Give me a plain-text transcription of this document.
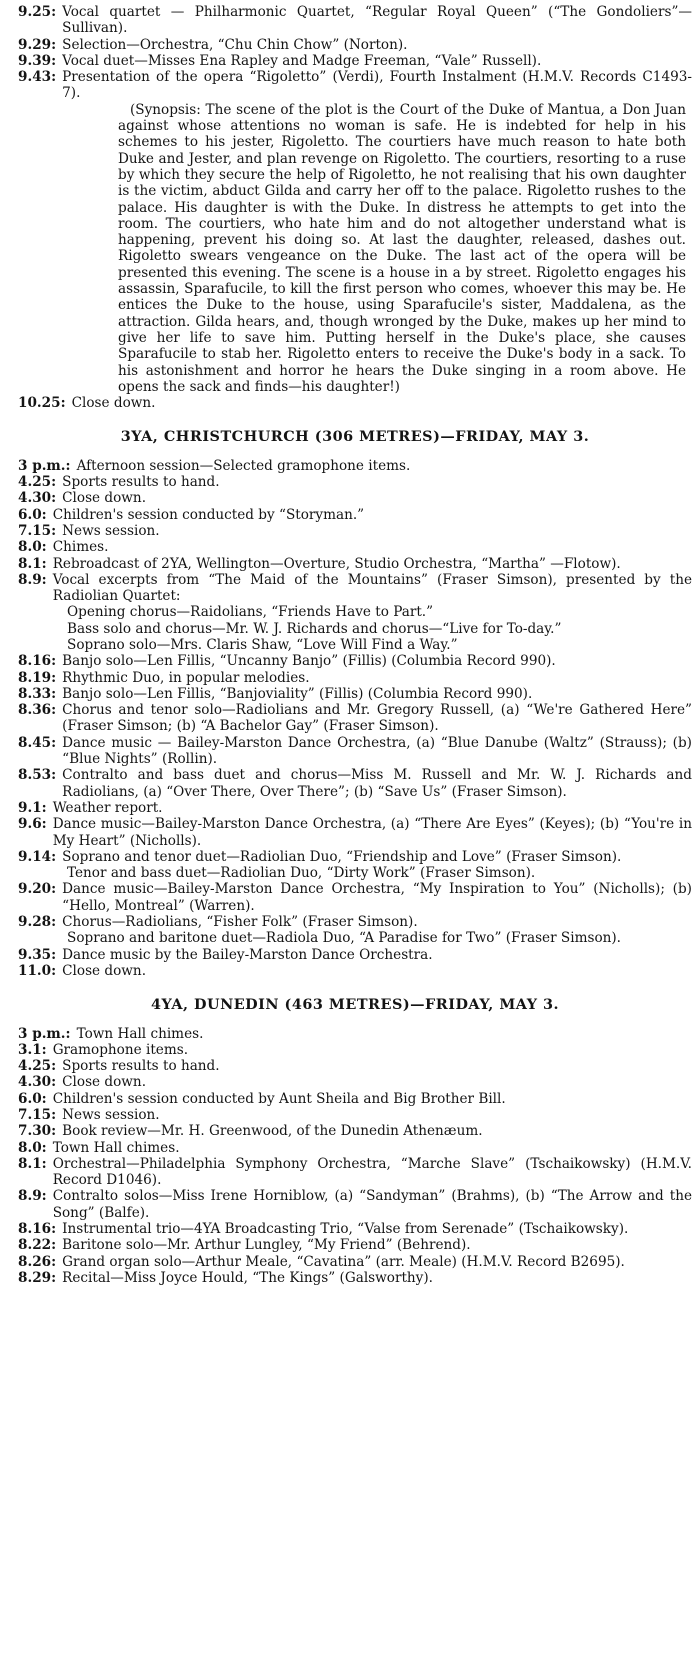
9.25 : Vocal quartet — Philharmonic Quartet, “Regular Royal Queen” (“The Gondoliers”—Sullivan).
9.29 : Selection—Orchestra, “Chu Chin Chow” (Norton).
9.39 : Vocal duet—Misses Ena Rapley and Madge Freeman, “Vale” Russell).
9.43 : Presentation of the opera “Rigoletto” (Verdi), Fourth Instalment (H.M.V. Records C1493-7).
(Synopsis: The scene of the plot is the Court of the Duke of Mantua, a Don Juan against whose attentions no woman is safe. He is indebted for help in his schemes to his jester, Rigoletto. The courtiers have much reason to hate both Duke and Jester, and plan revenge on Rigoletto. The courtiers, resorting to a ruse by which they secure the help of Rigoletto, he not realising that his own daughter is the victim, abduct Gilda and carry her off to the palace. Rigoletto rushes to the palace. His daughter is with the Duke. In distress he attempts to get into the room. The courtiers, who hate him and do not altogether understand what is happening, prevent his doing so. At last the daughter, released, dashes out. Rigoletto swears vengeance on the Duke. The last act of the opera will be presented this evening. The scene is a house in a by street. Rigoletto engages his assassin, Sparafucile, to kill the first person who comes, whoever this may be. He entices the Duke to the house, using Sparafucile's sister, Maddalena, as the attraction. Gilda hears, and, though wronged by the Duke, makes up her mind to give her life to save him. Putting herself in the Duke's place, she causes Sparafucile to stab her. Rigoletto enters to receive the Duke's body in a sack. To his astonishment and horror he hears the Duke singing in a room above. He opens the sack and finds—his daughter!)
10.25 : Close down.
3YA, CHRISTCHURCH (306 METRES)—FRIDAY, MAY 3.
3 p.m. : Afternoon session—Selected gramophone items.
4.25 : Sports results to hand.
4.30 : Close down.
6.0 : Children's session conducted by “Storyman.”
7.15 : News session.
8.0 : Chimes.
8.1 : Rebroadcast of 2YA, Wellington—Overture, Studio Orchestra, “Martha” —Flotow).
8.9 : Vocal excerpts from “The Maid of the Mountains” (Fraser Simson), presented by the Radiolian Quartet:
Opening chorus—Raidolians, “Friends Have to Part.”
Bass solo and chorus—Mr. W. J. Richards and chorus—“Live for To-day.”
Soprano solo—Mrs. Claris Shaw, “Love Will Find a Way.”
8.16 : Banjo solo—Len Fillis, “Uncanny Banjo” (Fillis) (Columbia Record 990).
8.19 : Rhythmic Duo, in popular melodies.
8.33 : Banjo solo—Len Fillis, “Banjoviality” (Fillis) (Columbia Record 990).
8.36 : Chorus and tenor solo—Radiolians and Mr. Gregory Russell, (a) “We're Gathered Here” (Fraser Simson; (b) “A Bachelor Gay” (Fraser Simson).
8.45 : Dance music — Bailey-Marston Dance Orchestra, (a) “Blue Danube (Waltz” (Strauss); (b) “Blue Nights” (Rollin).
8.53 : Contralto and bass duet and chorus—Miss M. Russell and Mr. W. J. Richards and Radiolians, (a) “Over There, Over There”; (b) “Save Us” (Fraser Simson).
9.1 : Weather report.
9.6 : Dance music—Bailey-Marston Dance Orchestra, (a) “There Are Eyes” (Keyes); (b) “You're in My Heart” (Nicholls).
9.14 : Soprano and tenor duet—Radiolian Duo, “Friendship and Love” (Fraser Simson).
Tenor and bass duet—Radiolian Duo, “Dirty Work” (Fraser Simson).
9.20 : Dance music—Bailey-Marston Dance Orchestra, “My Inspiration to You” (Nicholls); (b) “Hello, Montreal” (Warren).
9.28 : Chorus—Radiolians, “Fisher Folk” (Fraser Simson).
Soprano and baritone duet—Radiola Duo, “A Paradise for Two” (Fraser Simson).
9.35 : Dance music by the Bailey-Marston Dance Orchestra.
11.0 : Close down.
4YA, DUNEDIN (463 METRES)—FRIDAY, MAY 3.
3 p.m. : Town Hall chimes.
3.1 : Gramophone items.
4.25 : Sports results to hand.
4.30 : Close down.
6.0 : Children's session conducted by Aunt Sheila and Big Brother Bill.
7.15 : News session.
7.30 : Book review—Mr. H. Greenwood, of the Dunedin Athenæum.
8.0 : Town Hall chimes.
8.1 : Orchestral—Philadelphia Symphony Orchestra, “Marche Slave” (Tschaikowsky) (H.M.V. Record D1046).
8.9 : Contralto solos—Miss Irene Horniblow, (a) “Sandyman” (Brahms), (b) “The Arrow and the Song” (Balfe).
8.16 : Instrumental trio—4YA Broadcasting Trio, “Valse from Serenade” (Tschaikowsky).
8.22 : Baritone solo—Mr. Arthur Lungley, “My Friend” (Behrend).
8.26 : Grand organ solo—Arthur Meale, “Cavatina” (arr. Meale) (H.M.V. Record B2695).
8.29 : Recital—Miss Joyce Hould, “The Kings” (Galsworthy).
